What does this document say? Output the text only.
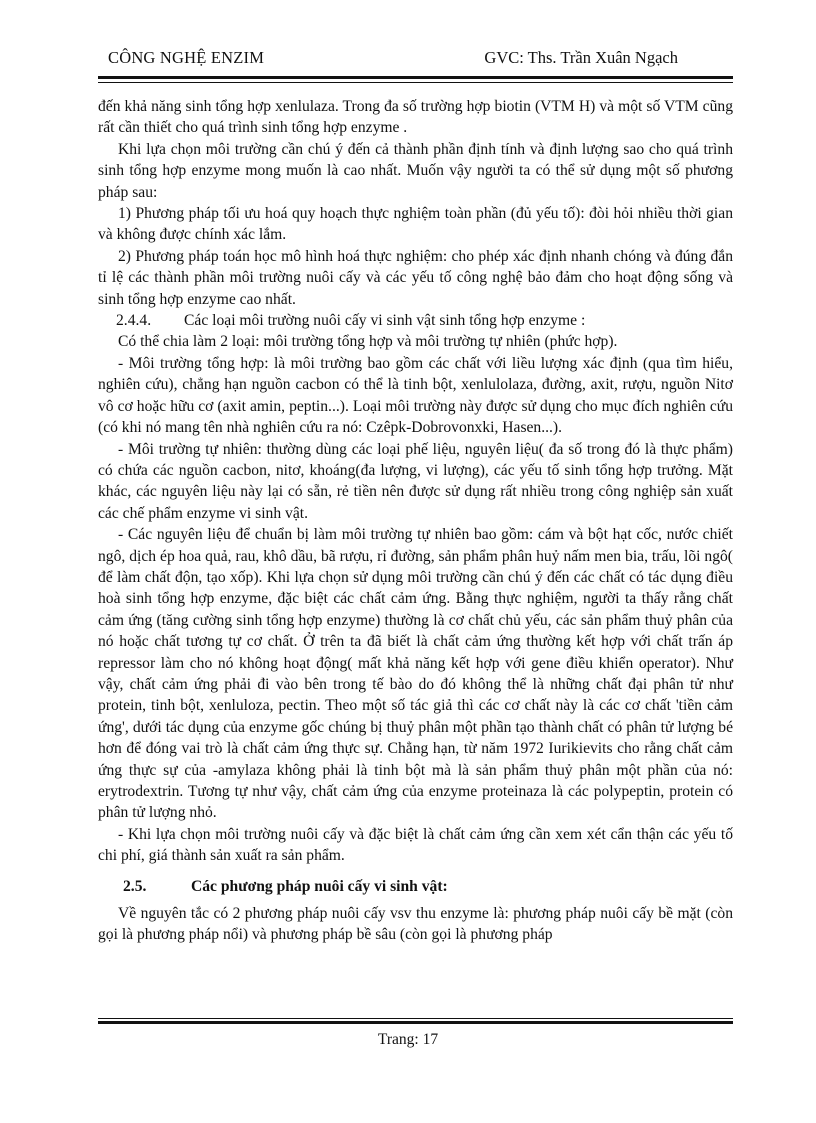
CÔNG NGHỆ ENZIM	GVC: Ths. Trần Xuân Ngạch

đến khả năng sinh tổng hợp xenlulaza. Trong đa số trường hợp biotin (VTM H) và một số VTM cũng rất cần thiết cho quá trình sinh tổng hợp enzyme .

Khi lựa chọn môi trường cần chú ý đến cả thành phần định tính và định lượng sao cho quá trình sinh tổng hợp enzyme mong muốn là cao nhất. Muốn vậy người ta có thể sử dụng một số phương pháp sau:

1) Phương pháp tối ưu hoá quy hoạch thực nghiệm toàn phần (đủ yếu tố): đòi hỏi nhiều thời gian và không được chính xác lắm.

2) Phương pháp toán học mô hình hoá thực nghiệm: cho phép xác định nhanh chóng và đúng đắn tỉ lệ các thành phần môi trường nuôi cấy và các yếu tố công nghệ bảo đảm cho hoạt động sống và sinh tổng hợp enzyme cao nhất.

2.4.4. Các loại môi trường nuôi cấy vi sinh vật sinh tổng hợp enzyme :

Có thể chia làm 2 loại: môi trường tổng hợp và môi trường tự nhiên (phức hợp).

- Môi trường tổng hợp: là môi trường bao gồm các chất với liều lượng xác định (qua tìm hiểu, nghiên cứu), chẳng hạn nguồn cacbon có thể là tinh bột, xenlulolaza, đường, axit, rượu, nguồn Nitơ vô cơ hoặc hữu cơ (axit amin, peptin...). Loại môi trường này được sử dụng cho mục đích nghiên cứu (có khi nó mang tên nhà nghiên cứu ra nó: Czêpk-Dobrovonxki, Hasen...).

- Môi trường tự nhiên: thường dùng các loại phế liệu, nguyên liệu( đa số trong đó là thực phẩm) có chứa các nguồn cacbon, nitơ, khoáng(đa lượng, vi lượng), các yếu tố sinh tổng hợp trưởng. Mặt khác, các nguyên liệu này lại có sẵn, rẻ tiền nên được sử dụng rất nhiều trong công nghiệp sản xuất các chế phẩm enzyme vi sinh vật.

- Các nguyên liệu để chuẩn bị làm môi trường tự nhiên bao gồm: cám và bột hạt cốc, nước chiết ngô, dịch ép hoa quả, rau, khô dầu, bã rượu, rỉ đường, sản phẩm phân huỷ nấm men bia, trấu, lõi ngô( để làm chất độn, tạo xốp). Khi lựa chọn sử dụng môi trường cần chú ý đến các chất có tác dụng điều hoà sinh tổng hợp enzyme, đặc biệt các chất cảm ứng. Bằng thực nghiệm, người ta thấy rằng chất cảm ứng (tăng cường sinh tổng hợp enzyme) thường là cơ chất chủ yếu, các sản phẩm thuỷ phân của nó hoặc chất tương tự cơ chất. Ở trên ta đã biết là chất cảm ứng thường kết hợp với chất trấn áp repressor làm cho nó không hoạt động( mất khả năng kết hợp với gene điều khiển operator). Như vậy, chất cảm ứng phải đi vào bên trong tế bào do đó không thể là những chất đại phân tử như protein, tinh bột, xenluloza, pectin. Theo một số tác giả thì các cơ chất này là các cơ chất 'tiền cảm ứng', dưới tác dụng của enzyme gốc chúng bị thuỷ phân một phần tạo thành chất có phân tử lượng bé hơn để đóng vai trò là chất cảm ứng thực sự. Chẳng hạn, từ năm 1972 Iurikievits cho rằng chất cảm ứng thực sự của -amylaza không phải là tinh bột mà là sản phẩm thuỷ phân một phần của nó: erytrodextrin. Tương tự như vậy, chất cảm ứng của enzyme proteinaza là các polypeptin, protein có phân tử lượng nhỏ.

- Khi lựa chọn môi trường nuôi cấy và đặc biệt là chất cảm ứng cần xem xét cẩn thận các yếu tố chi phí, giá thành sản xuất ra sản phẩm.

2.5.	Các phương pháp nuôi cấy vi sinh vật:

Về nguyên tắc có 2 phương pháp nuôi cấy vsv thu enzyme là: phương pháp nuôi cấy bề mặt (còn gọi là phương pháp nổi) và phương pháp bề sâu (còn gọi là phương pháp

Trang: 17
